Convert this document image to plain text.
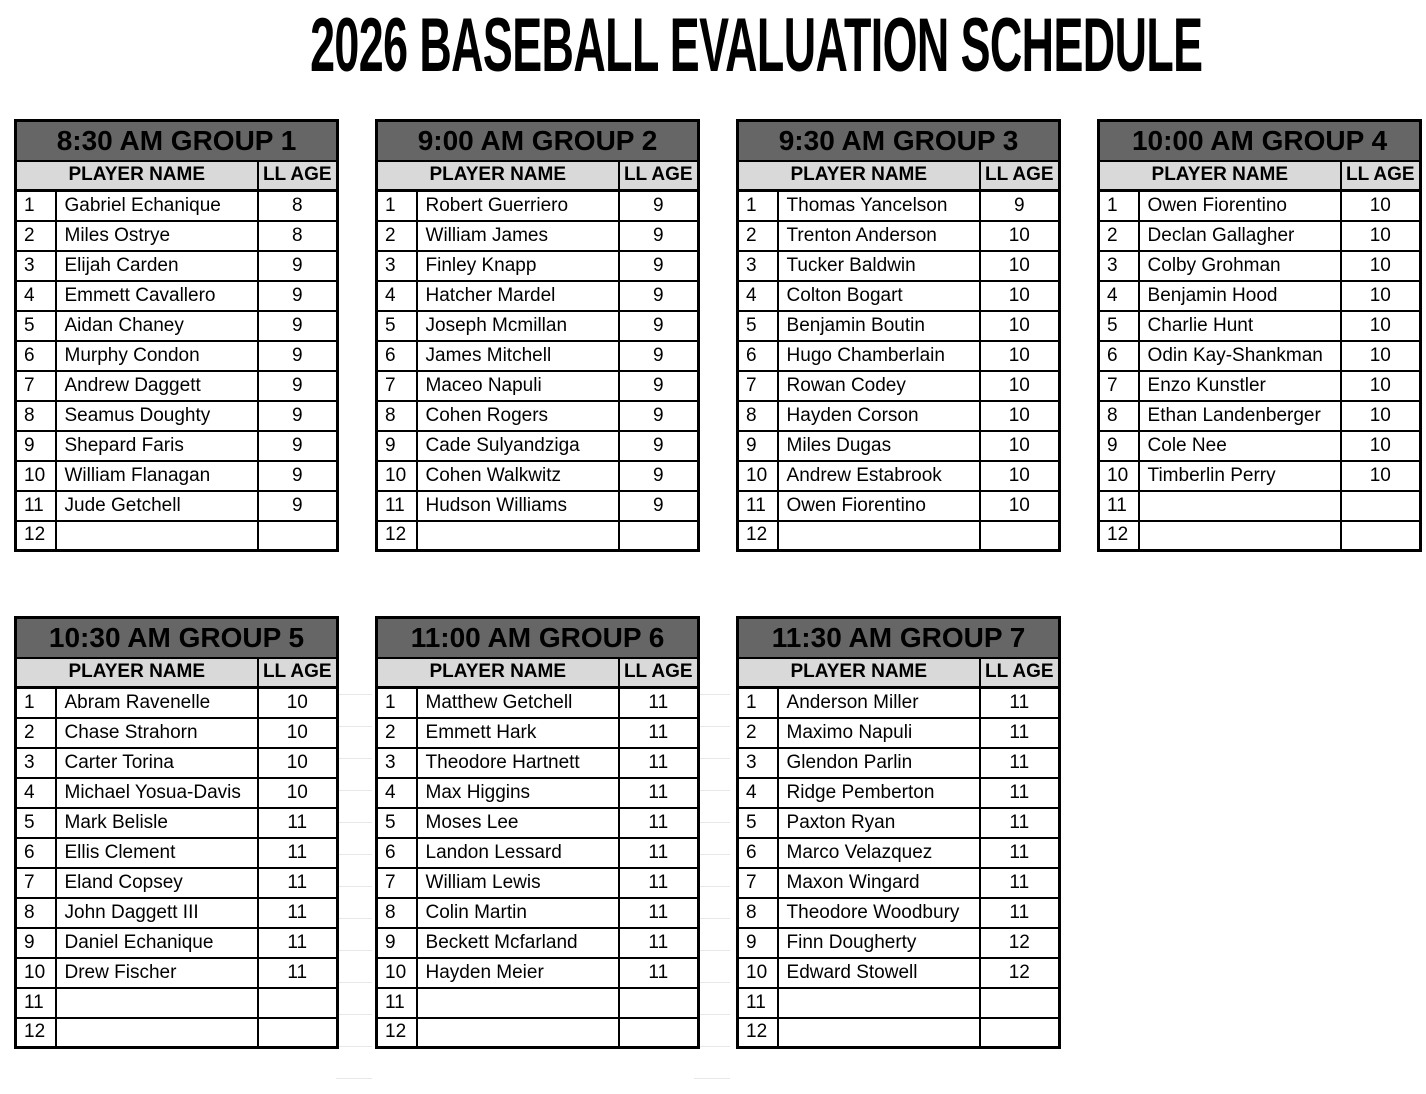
2026 BASEBALL EVALUATION SCHEDULE
8:30 AM GROUP 1		
PLAYER NAME		LL AGE
1	Gabriel Echanique	8
2	Miles Ostrye	8
3	Elijah Carden	9
4	Emmett Cavallero	9
5	Aidan Chaney	9
6	Murphy Condon	9
7	Andrew Daggett	9
8	Seamus Doughty	9
9	Shepard Faris	9
10	William Flanagan	9
11	Jude Getchell	9
12		
9:00 AM GROUP 2		
PLAYER NAME		LL AGE
1	Robert Guerriero	9
2	William James	9
3	Finley Knapp	9
4	Hatcher Mardel	9
5	Joseph Mcmillan	9
6	James Mitchell	9
7	Maceo Napuli	9
8	Cohen Rogers	9
9	Cade Sulyandziga	9
10	Cohen Walkwitz	9
11	Hudson Williams	9
12		
9:30 AM GROUP 3		
PLAYER NAME		LL AGE
1	Thomas Yancelson	9
2	Trenton Anderson	10
3	Tucker Baldwin	10
4	Colton Bogart	10
5	Benjamin Boutin	10
6	Hugo Chamberlain	10
7	Rowan Codey	10
8	Hayden Corson	10
9	Miles Dugas	10
10	Andrew Estabrook	10
11	Owen Fiorentino	10
12		
10:00 AM GROUP 4		
PLAYER NAME		LL AGE
1	Owen Fiorentino	10
2	Declan Gallagher	10
3	Colby Grohman	10
4	Benjamin Hood	10
5	Charlie Hunt	10
6	Odin Kay-Shankman	10
7	Enzo Kunstler	10
8	Ethan Landenberger	10
9	Cole Nee	10
10	Timberlin Perry	10
11		
12		
10:30 AM GROUP 5		
PLAYER NAME		LL AGE
1	Abram Ravenelle	10
2	Chase Strahorn	10
3	Carter Torina	10
4	Michael Yosua-Davis	10
5	Mark Belisle	11
6	Ellis Clement	11
7	Eland Copsey	11
8	John Daggett III	11
9	Daniel Echanique	11
10	Drew Fischer	11
11		
12		
11:00 AM GROUP 6		
PLAYER NAME		LL AGE
1	Matthew Getchell	11
2	Emmett Hark	11
3	Theodore Hartnett	11
4	Max Higgins	11
5	Moses Lee	11
6	Landon Lessard	11
7	William Lewis	11
8	Colin Martin	11
9	Beckett Mcfarland	11
10	Hayden Meier	11
11		
12		
11:30 AM GROUP 7		
PLAYER NAME		LL AGE
1	Anderson Miller	11
2	Maximo Napuli	11
3	Glendon Parlin	11
4	Ridge Pemberton	11
5	Paxton Ryan	11
6	Marco Velazquez	11
7	Maxon Wingard	11
8	Theodore Woodbury	11
9	Finn Dougherty	12
10	Edward Stowell	12
11		
12		
